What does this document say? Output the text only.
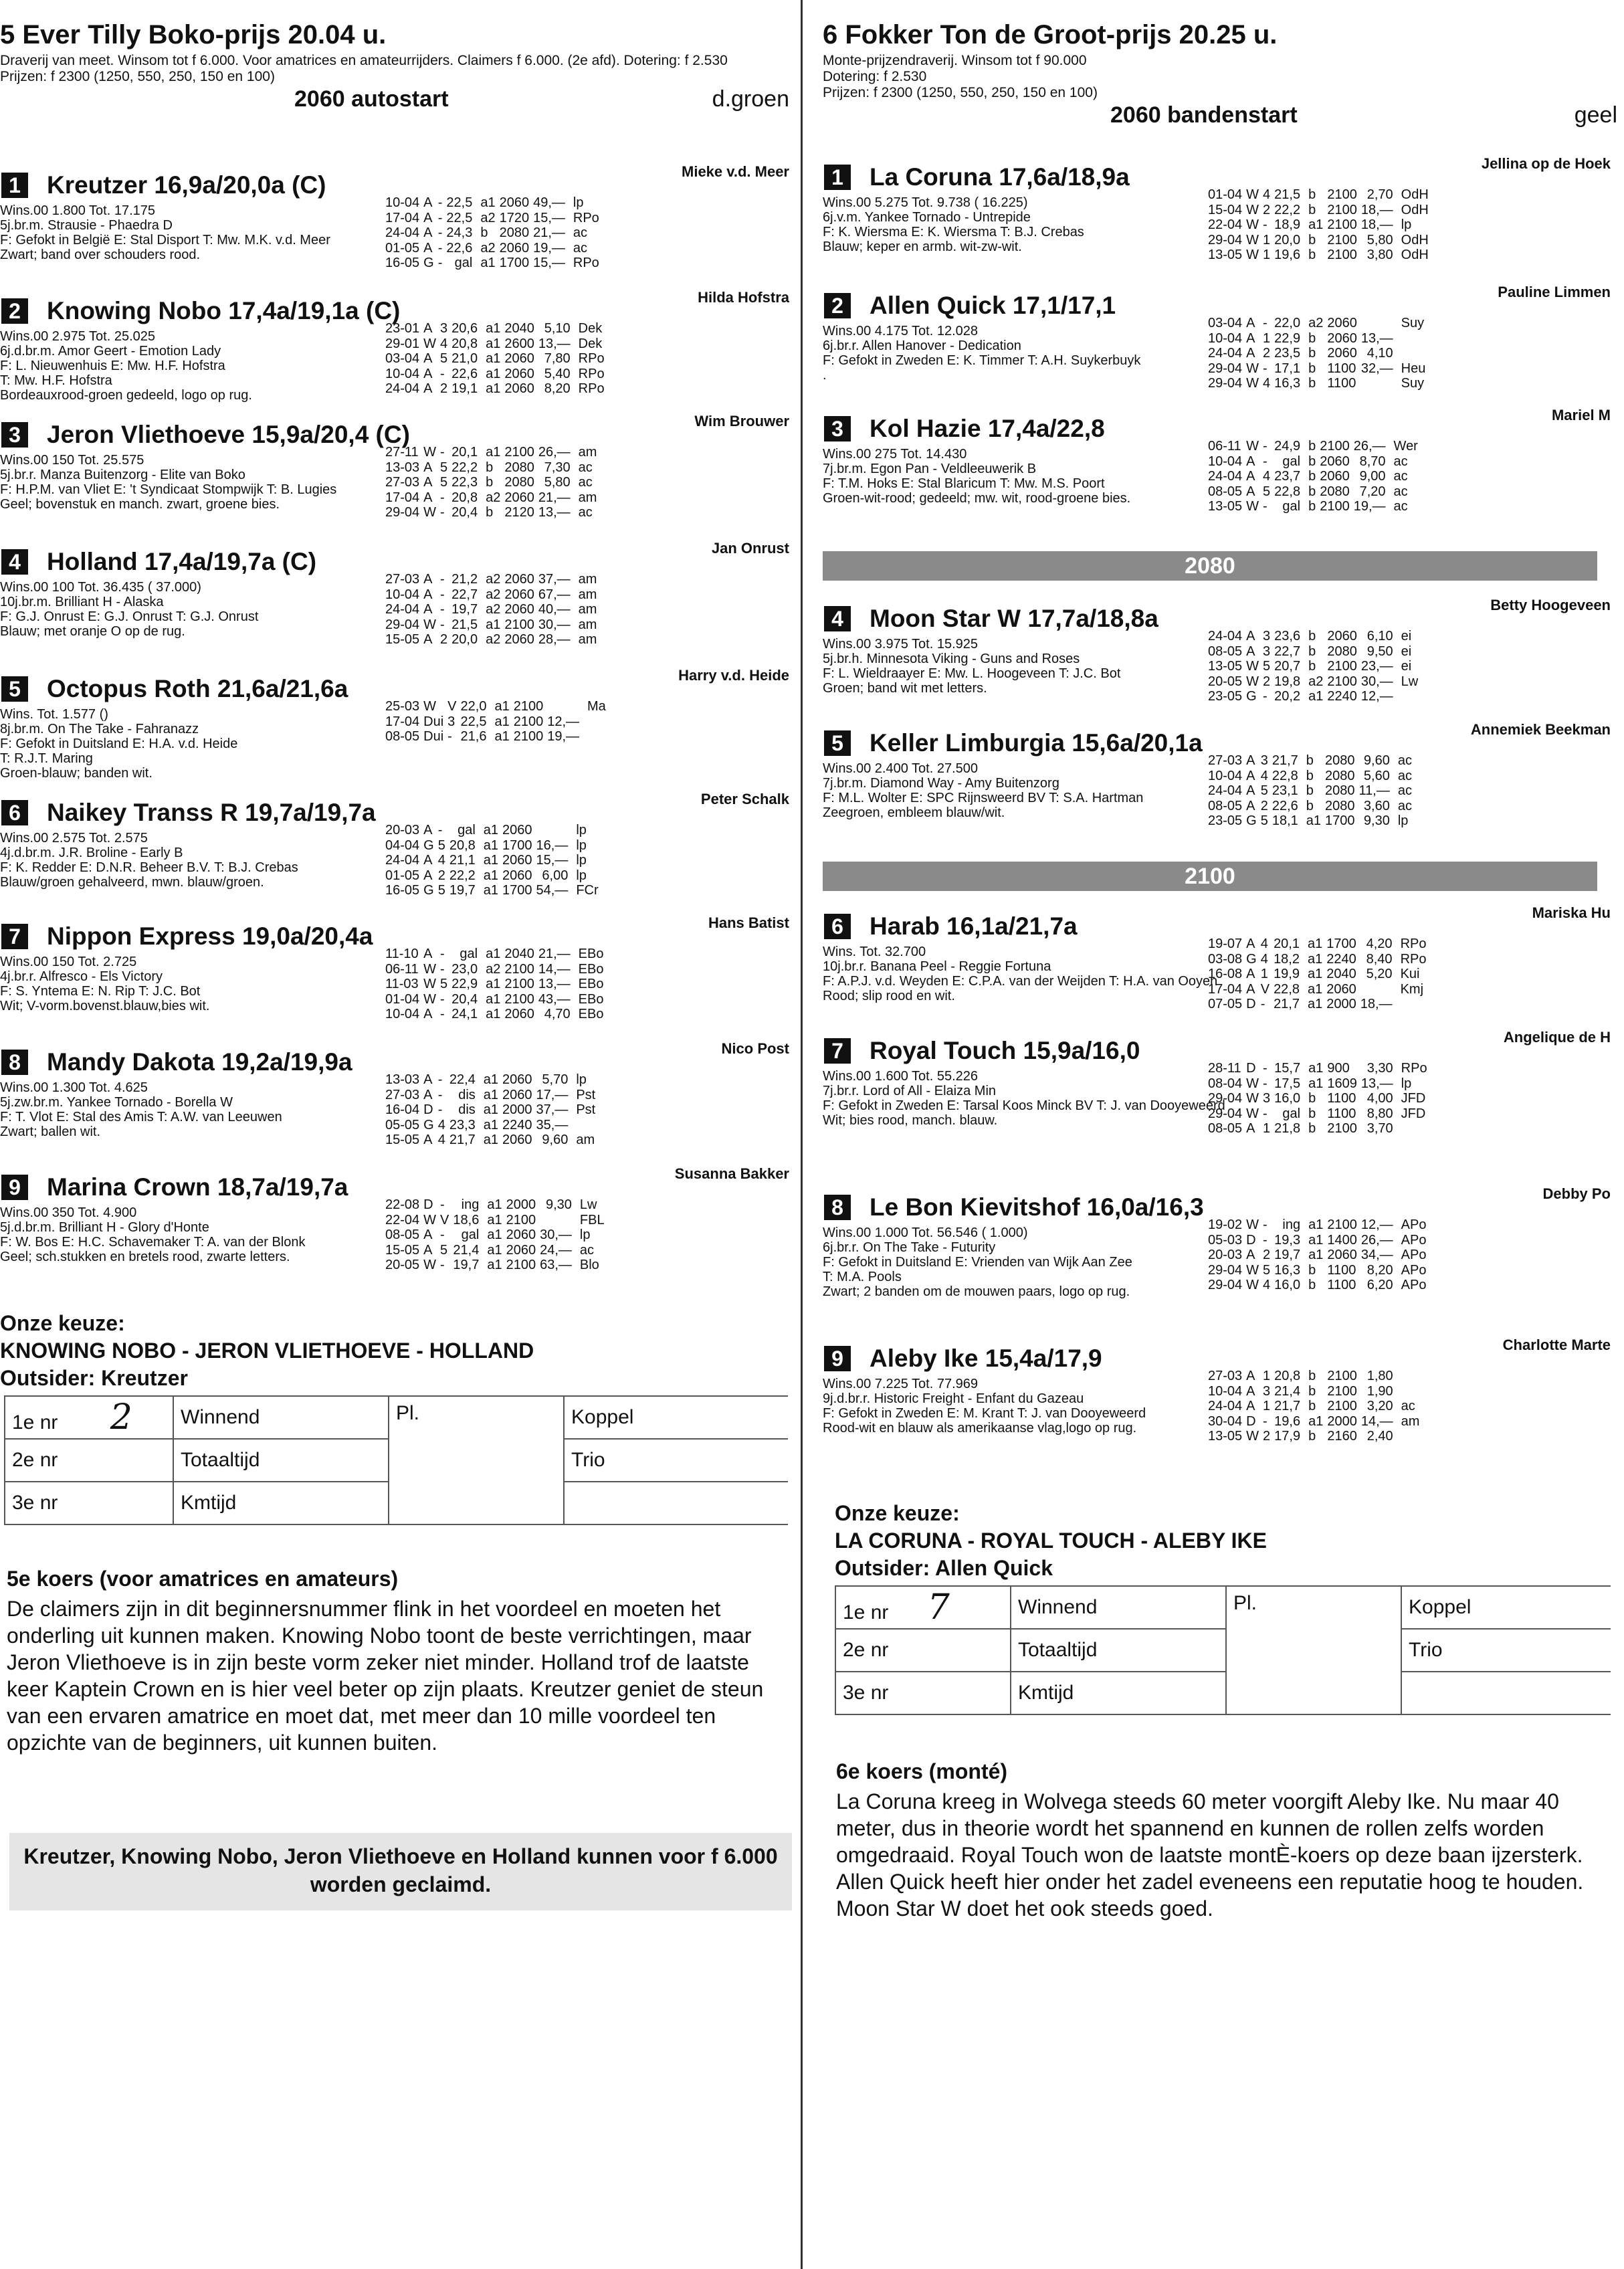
5 Ever Tilly Boko-prijs 20.04 u.
Draverij van meet. Winsom tot f 6.000. Voor amatrices en amateurrijders. Claimers f 6.000. (2e afd). Dotering: f 2.530
Prijzen: f 2300 (1250, 550, 250, 150 en 100)
2060 autostart	d.groen
1	Kreutzer 16,9a/20,0a (C)	Mieke v.d. Meer
Wins.00 1.800 Tot. 17.175
5j.br.m. Strausie - Phaedra D
F: Gefokt in België E: Stal Disport T: Mw. M.K. v.d. Meer
Zwart; band over schouders rood.
10-04	A	-	22,5	a1	2060	49,—	lp
17-04	A	-	22,5	a2	1720	15,—	RPo
24-04	A	-	24,3	b	2080	21,—	ac
01-05	A	-	22,6	a2	2060	19,—	ac
16-05	G	-	gal	a1	1700	15,—	RPo
2	Knowing Nobo 17,4a/19,1a (C)	Hilda Hofstra
Wins.00 2.975 Tot. 25.025
6j.d.br.m. Amor Geert - Emotion Lady
F: L. Nieuwenhuis E: Mw. H.F. Hofstra
T: Mw. H.F. Hofstra
Bordeauxrood-groen gedeeld, logo op rug.
23-01	A	3	20,6	a1	2040	5,10	Dek
29-01	W	4	20,8	a1	2600	13,—	Dek
03-04	A	5	21,0	a1	2060	7,80	RPo
10-04	A	-	22,6	a1	2060	5,40	RPo
24-04	A	2	19,1	a1	2060	8,20	RPo
3	Jeron Vliethoeve 15,9a/20,4 (C)	Wim Brouwer
Wins.00 150 Tot. 25.575
5j.br.r. Manza Buitenzorg - Elite van Boko
F: H.P.M. van Vliet E: 't Syndicaat Stompwijk T: B. Lugies
Geel; bovenstuk en manch. zwart, groene bies.
27-11	W	-	20,1	a1	2100	26,—	am
13-03	A	5	22,2	b	2080	7,30	ac
27-03	A	5	22,3	b	2080	5,80	ac
17-04	A	-	20,8	a2	2060	21,—	am
29-04	W	-	20,4	b	2120	13,—	ac
4	Holland 17,4a/19,7a (C)	Jan Onrust
Wins.00 100 Tot. 36.435 ( 37.000)
10j.br.m. Brilliant H - Alaska
F: G.J. Onrust E: G.J. Onrust T: G.J. Onrust
Blauw; met oranje O op de rug.
27-03	A	-	21,2	a2	2060	37,—	am
10-04	A	-	22,7	a2	2060	67,—	am
24-04	A	-	19,7	a2	2060	40,—	am
29-04	W	-	21,5	a1	2100	30,—	am
15-05	A	2	20,0	a2	2060	28,—	am
5	Octopus Roth 21,6a/21,6a	Harry v.d. Heide
Wins. Tot. 1.577 ()
8j.br.m. On The Take - Fahranazz
F: Gefokt in Duitsland E: H.A. v.d. Heide
T: R.J.T. Maring
Groen-blauw; banden wit.
25-03	W	V	22,0	a1	2100		Ma
17-04	Dui	3	22,5	a1	2100	12,—	
08-05	Dui	-	21,6	a1	2100	19,—	
6	Naikey Transs R 19,7a/19,7a	Peter Schalk
Wins.00 2.575 Tot. 2.575
4j.d.br.m. J.R. Broline - Early B
F: K. Redder E: D.N.R. Beheer B.V. T: B.J. Crebas
Blauw/groen gehalveerd, mwn. blauw/groen.
20-03	A	-	gal	a1	2060		lp
04-04	G	5	20,8	a1	1700	16,—	lp
24-04	A	4	21,1	a1	2060	15,—	lp
01-05	A	2	22,2	a1	2060	6,00	lp
16-05	G	5	19,7	a1	1700	54,—	FCr
7	Nippon Express 19,0a/20,4a	Hans Batist
Wins.00 150 Tot. 2.725
4j.br.r. Alfresco - Els Victory
F: S. Yntema E: N. Rip T: J.C. Bot
Wit; V-vorm.bovenst.blauw,bies wit.
11-10	A	-	gal	a1	2040	21,—	EBo
06-11	W	-	23,0	a2	2100	14,—	EBo
11-03	W	5	22,9	a1	2100	13,—	EBo
01-04	W	-	20,4	a1	2100	43,—	EBo
10-04	A	-	24,1	a1	2060	4,70	EBo
8	Mandy Dakota 19,2a/19,9a	Nico Post
Wins.00 1.300 Tot. 4.625
5j.zw.br.m. Yankee Tornado - Borella W
F: T. Vlot E: Stal des Amis T: A.W. van Leeuwen
Zwart; ballen wit.
13-03	A	-	22,4	a1	2060	5,70	lp
27-03	A	-	dis	a1	2060	17,—	Pst
16-04	D	-	dis	a1	2000	37,—	Pst
05-05	G	4	23,3	a1	2240	35,—	
15-05	A	4	21,7	a1	2060	9,60	am
9	Marina Crown 18,7a/19,7a	Susanna Bakker
Wins.00 350 Tot. 4.900
5j.d.br.m. Brilliant H - Glory d'Honte
F: W. Bos E: H.C. Schavemaker T: A. van der Blonk
Geel; sch.stukken en bretels rood, zwarte letters.
22-08	D	-	ing	a1	2000	9,30	Lw
22-04	W	V	18,6	a1	2100		FBL
08-05	A	-	gal	a1	2060	30,—	lp
15-05	A	5	21,4	a1	2060	24,—	ac
20-05	W	-	19,7	a1	2100	63,—	Blo
Onze keuze:
KNOWING NOBO - JERON VLIETHOEVE - HOLLAND
Outsider: Kreutzer
1e nr 2	Winnend	Pl.	Koppel
2e nr	Totaaltijd		Trio
3e nr	Kmtijd		
5e koers (voor amatrices en amateurs)
De claimers zijn in dit beginnersnummer flink in het voordeel en moeten het onderling uit kunnen maken. Knowing Nobo toont de beste verrichtingen, maar Jeron Vliethoeve is in zijn beste vorm zeker niet minder. Holland trof de laatste keer Kaptein Crown en is hier veel beter op zijn plaats. Kreutzer geniet de steun van een ervaren amatrice en moet dat, met meer dan 10 mille voordeel ten opzichte van de beginners, uit kunnen buiten.
Kreutzer, Knowing Nobo, Jeron Vliethoeve en Holland kunnen voor f 6.000 worden geclaimd.
6 Fokker Ton de Groot-prijs 20.25 u.
Monte-prijzendraverij. Winsom tot f 90.000
Dotering: f 2.530
Prijzen: f 2300 (1250, 550, 250, 150 en 100)
2060 bandenstart	geel
1	La Coruna 17,6a/18,9a	Jellina op de Hoek
Wins.00 5.275 Tot. 9.738 ( 16.225)
6j.v.m. Yankee Tornado - Untrepide
F: K. Wiersma E: K. Wiersma T: B.J. Crebas
Blauw; keper en armb. wit-zw-wit.
01-04	W	4	21,5	b	2100	2,70	OdH
15-04	W	2	22,2	b	2100	18,—	OdH
22-04	W	-	18,9	a1	2100	18,—	lp
29-04	W	1	20,0	b	2100	5,80	OdH
13-05	W	1	19,6	b	2100	3,80	OdH
2	Allen Quick 17,1/17,1	Pauline Limmen
Wins.00 4.175 Tot. 12.028
6j.br.r. Allen Hanover - Dedication
F: Gefokt in Zweden E: K. Timmer T: A.H. Suykerbuyk
.
03-04	A	-	22,0	a2	2060		Suy
10-04	A	1	22,9	b	2060	13,—	
24-04	A	2	23,5	b	2060	4,10	
29-04	W	-	17,1	b	1100	32,—	Heu
29-04	W	4	16,3	b	1100		Suy
3	Kol Hazie 17,4a/22,8	Mariel M
Wins.00 275 Tot. 14.430
7j.br.m. Egon Pan - Veldleeuwerik B
F: T.M. Hoks E: Stal Blaricum T: Mw. M.S. Poort
Groen-wit-rood; gedeeld; mw. wit, rood-groene bies.
06-11	W	-	24,9	b	2100	26,—	Wer
10-04	A	-	gal	b	2060	8,70	ac
24-04	A	4	23,7	b	2060	9,00	ac
08-05	A	5	22,8	b	2080	7,20	ac
13-05	W	-	gal	b	2100	19,—	ac
4	Moon Star W 17,7a/18,8a	Betty Hoogeveen
Wins.00 3.975 Tot. 15.925
5j.br.h. Minnesota Viking - Guns and Roses
F: L. Wieldraayer E: Mw. L. Hoogeveen T: J.C. Bot
Groen; band wit met letters.
24-04	A	3	23,6	b	2060	6,10	ei
08-05	A	3	22,7	b	2080	9,50	ei
13-05	W	5	20,7	b	2100	23,—	ei
20-05	W	2	19,8	a2	2100	30,—	Lw
23-05	G	-	20,2	a1	2240	12,—	
5	Keller Limburgia 15,6a/20,1a	Annemiek Beekman
Wins.00 2.400 Tot. 27.500
7j.br.m. Diamond Way - Amy Buitenzorg
F: M.L. Wolter E: SPC Rijnsweerd BV T: S.A. Hartman
Zeegroen, embleem blauw/wit.
27-03	A	3	21,7	b	2080	9,60	ac
10-04	A	4	22,8	b	2080	5,60	ac
24-04	A	5	23,1	b	2080	11,—	ac
08-05	A	2	22,6	b	2080	3,60	ac
23-05	G	5	18,1	a1	1700	9,30	lp
6	Harab 16,1a/21,7a	Mariska Hu
Wins. Tot. 32.700
10j.br.r. Banana Peel - Reggie Fortuna
F: A.P.J. v.d. Weyden E: C.P.A. van der Weijden T: H.A. van Ooyen
Rood; slip rood en wit.
19-07	A	4	20,1	a1	1700	4,20	RPo
03-08	G	4	18,2	a1	2240	8,40	RPo
16-08	A	1	19,9	a1	2040	5,20	Kui
17-04	A	V	22,8	a1	2060		Kmj
07-05	D	-	21,7	a1	2000	18,—	
7	Royal Touch 15,9a/16,0	Angelique de H
Wins.00 1.600 Tot. 55.226
7j.br.r. Lord of All - Elaiza Min
F: Gefokt in Zweden E: Tarsal Koos Minck BV T: J. van Dooyeweerd
Wit; bies rood, manch. blauw.
28-11	D	-	15,7	a1	900	3,30	RPo
08-04	W	-	17,5	a1	1609	13,—	lp
29-04	W	3	16,0	b	1100	4,00	JFD
29-04	W	-	gal	b	1100	8,80	JFD
08-05	A	1	21,8	b	2100	3,70	
8	Le Bon Kievitshof 16,0a/16,3	Debby Po
Wins.00 1.000 Tot. 56.546 ( 1.000)
6j.br.r. On The Take - Futurity
F: Gefokt in Duitsland E: Vrienden van Wijk Aan Zee
T: M.A. Pools
Zwart; 2 banden om de mouwen paars, logo op rug.
19-02	W	-	ing	a1	2100	12,—	APo
05-03	D	-	19,3	a1	1400	26,—	APo
20-03	A	2	19,7	a1	2060	34,—	APo
29-04	W	5	16,3	b	1100	8,20	APo
29-04	W	4	16,0	b	1100	6,20	APo
9	Aleby Ike 15,4a/17,9	Charlotte Marte
Wins.00 7.225 Tot. 77.969
9j.d.br.r. Historic Freight - Enfant du Gazeau
F: Gefokt in Zweden E: M. Krant T: J. van Dooyeweerd
Rood-wit en blauw als amerikaanse vlag,logo op rug.
27-03	A	1	20,8	b	2100	1,80	
10-04	A	3	21,4	b	2100	1,90	
24-04	A	1	21,7	b	2100	3,20	ac
30-04	D	-	19,6	a1	2000	14,—	am
13-05	W	2	17,9	b	2160	2,40	
2080
2100
Onze keuze:
LA CORUNA - ROYAL TOUCH - ALEBY IKE
Outsider: Allen Quick
1e nr 7	Winnend	Pl.	Koppel
2e nr	Totaaltijd		Trio
3e nr	Kmtijd		
6e koers (monté)
La Coruna kreeg in Wolvega steeds 60 meter voorgift Aleby Ike. Nu maar 40 meter, dus in theorie wordt het spannend en kunnen de rollen zelfs worden omgedraaid. Royal Touch won de laatste montÈ-koers op deze baan ijzersterk. Allen Quick heeft hier onder het zadel eveneens een reputatie hoog te houden. Moon Star W doet het ook steeds goed.
